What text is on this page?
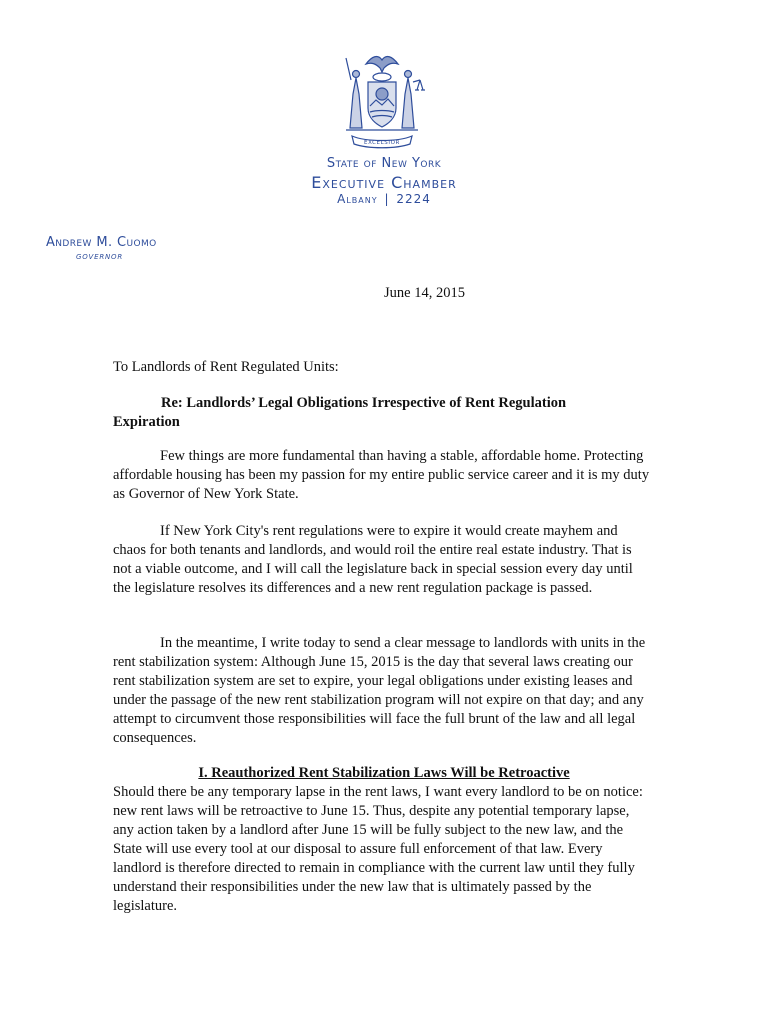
EXCELSIOR
State of New York
Executive Chamber
Albany | 2224
Andrew M. Cuomo
governor
June 14, 2015
To Landlords of Rent Regulated Units:
Re: Landlords’ Legal Obligations Irrespective of Rent Regulation Expiration
Few things are more fundamental than having a stable, affordable home. Protecting affordable housing has been my passion for my entire public service career and it is my duty as Governor of New York State.
If New York City's rent regulations were to expire it would create mayhem and chaos for both tenants and landlords, and would roil the entire real estate industry. That is not a viable outcome, and I will call the legislature back in special session every day until the legislature resolves its differences and a new rent regulation package is passed.
In the meantime, I write today to send a clear message to landlords with units in the rent stabilization system: Although June 15, 2015 is the day that several laws creating our rent stabilization system are set to expire, your legal obligations under existing leases and under the passage of the new rent stabilization program will not expire on that day; and any attempt to circumvent those responsibilities will face the full brunt of the law and all legal consequences.
I. Reauthorized Rent Stabilization Laws Will be Retroactive
Should there be any temporary lapse in the rent laws, I want every landlord to be on notice: new rent laws will be retroactive to June 15. Thus, despite any potential temporary lapse, any action taken by a landlord after June 15 will be fully subject to the new law, and the State will use every tool at our disposal to assure full enforcement of that law. Every landlord is therefore directed to remain in compliance with the current law until they fully understand their responsibilities under the new law that is ultimately passed by the legislature.
